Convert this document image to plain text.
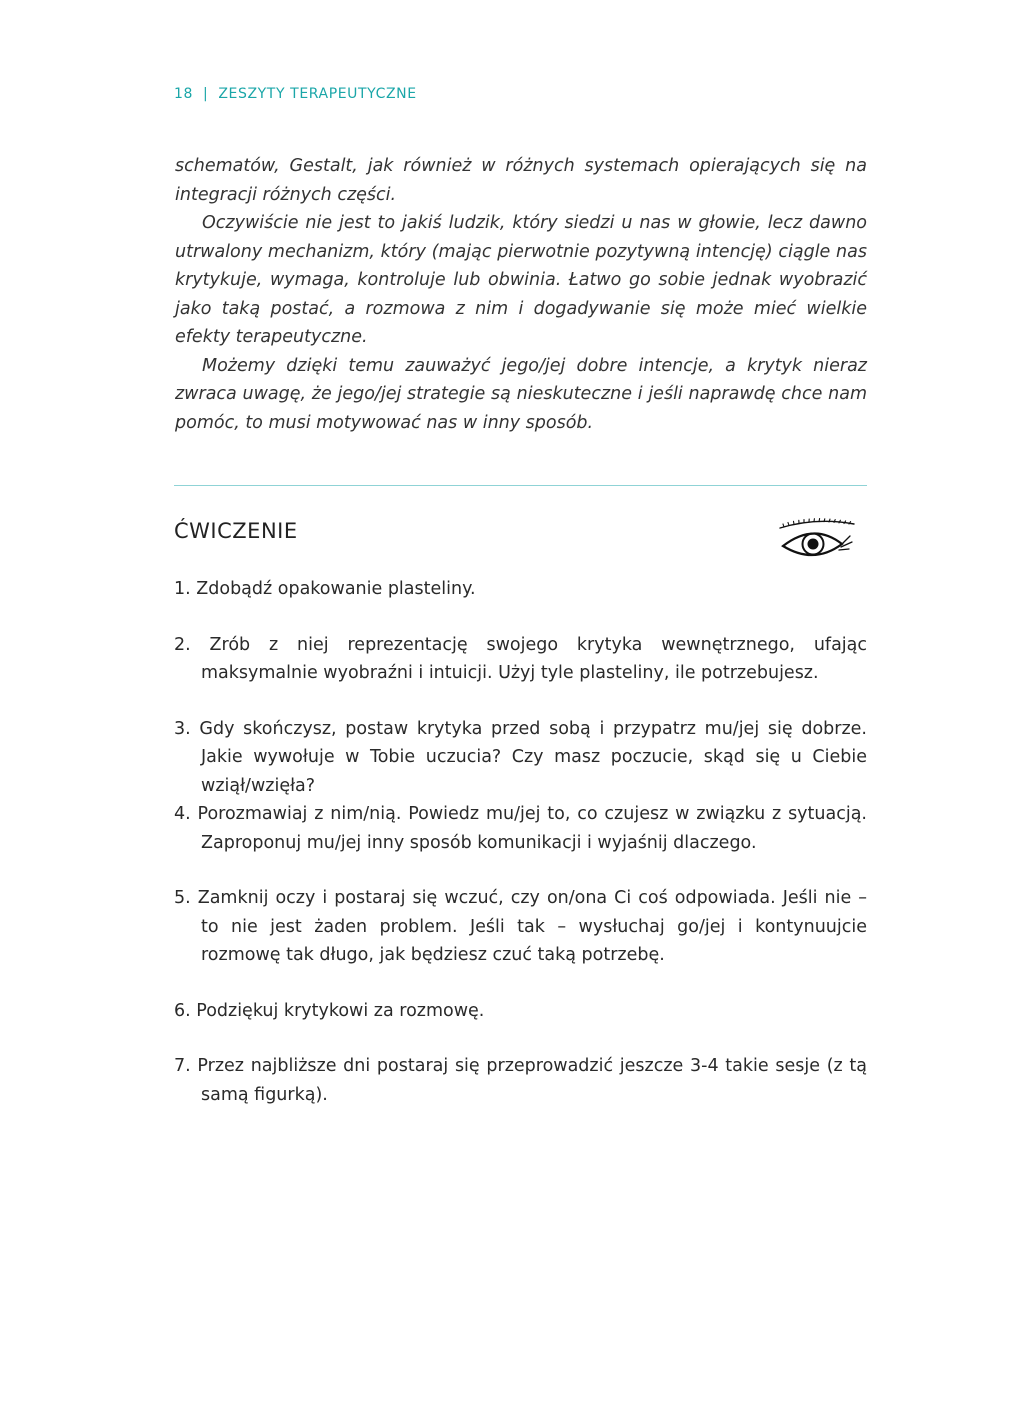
18 | ZESZYTY TERAPEUTYCZNE

schematów, Gestalt, jak również w różnych systemach opierających się na integracji różnych części.

Oczywiście nie jest to jakiś ludzik, który siedzi u nas w głowie, lecz dawno utrwalony mechanizm, który (mając pierwotnie pozytywną intencję) ciągle nas krytykuje, wymaga, kontroluje lub obwinia. Łatwo go sobie jednak wyobrazić jako taką postać, a rozmowa z nim i dogadywanie się może mieć wielkie efekty terapeutyczne.

Możemy dzięki temu zauważyć jego/jej dobre intencje, a krytyk nieraz zwraca uwagę, że jego/jej strategie są nieskuteczne i jeśli naprawdę chce nam pomóc, to musi motywować nas w inny sposób.

ĆWICZENIE
1. Zdobądź opakowanie plasteliny.
2. Zrób z niej reprezentację swojego krytyka wewnętrznego, ufając maksymalnie wyobraźni i intuicji. Użyj tyle plasteliny, ile potrzebujesz.
3. Gdy skończysz, postaw krytyka przed sobą i przypatrz mu/jej się dobrze. Jakie wywołuje w Tobie uczucia? Czy masz poczucie, skąd się u Ciebie wziął/wzięła?
4. Porozmawiaj z nim/nią. Powiedz mu/jej to, co czujesz w związku z sytuacją. Zaproponuj mu/jej inny sposób komunikacji i wyjaśnij dlaczego.
5. Zamknij oczy i postaraj się wczuć, czy on/ona Ci coś odpowiada. Jeśli nie – to nie jest żaden problem. Jeśli tak – wysłuchaj go/jej i kontynuujcie rozmowę tak długo, jak będziesz czuć taką potrzebę.
6. Podziękuj krytykowi za rozmowę.
7. Przez najbliższe dni postaraj się przeprowadzić jeszcze 3-4 takie sesje (z tą samą figurką).
